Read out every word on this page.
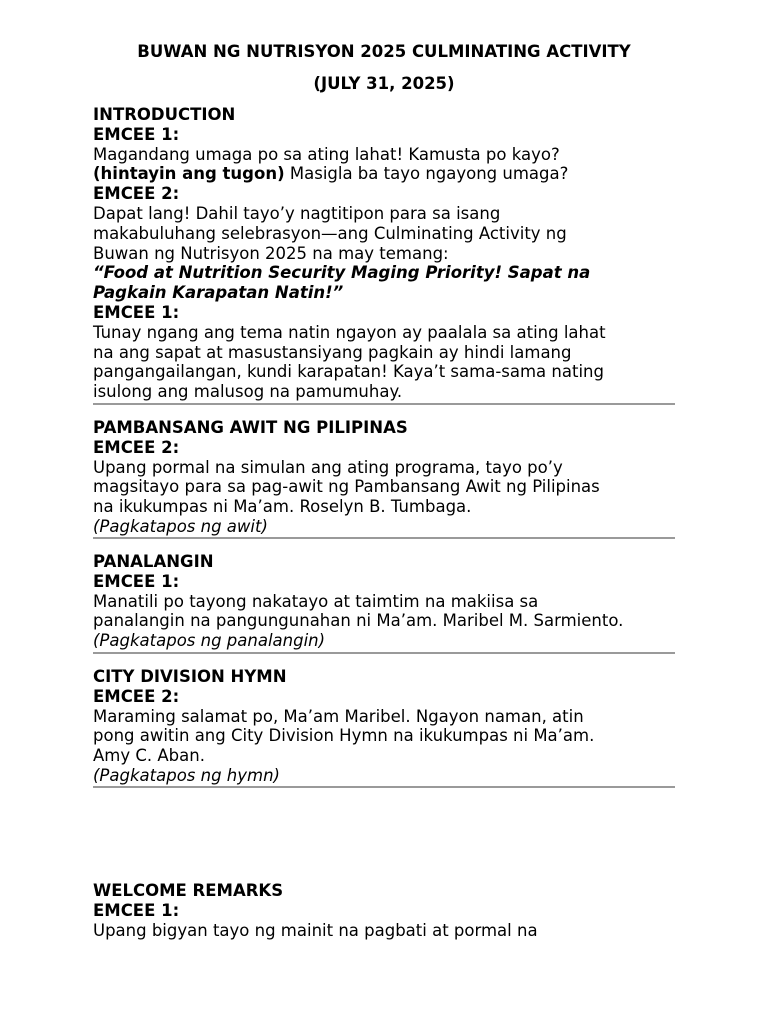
BUWAN NG NUTRISYON 2025 CULMINATING ACTIVITY

(JULY 31, 2025)

INTRODUCTION

EMCEE 1:

Magandang umaga po sa ating lahat! Kamusta po kayo?

(hintayin ang tugon) Masigla ba tayo ngayong umaga?

EMCEE 2:

Dapat lang! Dahil tayo’y nagtitipon para sa isang

makabuluhang selebrasyon—ang Culminating Activity ng

Buwan ng Nutrisyon 2025 na may temang:

“Food at Nutrition Security Maging Priority! Sapat na

Pagkain Karapatan Natin!”

EMCEE 1:

Tunay ngang ang tema natin ngayon ay paalala sa ating lahat

na ang sapat at masustansiyang pagkain ay hindi lamang

pangangailangan, kundi karapatan! Kaya’t sama-sama nating

isulong ang malusog na pamumuhay.

PAMBANSANG AWIT NG PILIPINAS

EMCEE 2:

Upang pormal na simulan ang ating programa, tayo po’y

magsitayo para sa pag-awit ng Pambansang Awit ng Pilipinas

na ikukumpas ni Ma’am. Roselyn B. Tumbaga.

(Pagkatapos ng awit)

PANALANGIN

EMCEE 1:

Manatili po tayong nakatayo at taimtim na makiisa sa

panalangin na pangungunahan ni Ma’am. Maribel M. Sarmiento.

(Pagkatapos ng panalangin)

CITY DIVISION HYMN

EMCEE 2:

Maraming salamat po, Ma’am Maribel. Ngayon naman, atin

pong awitin ang City Division Hymn na ikukumpas ni Ma’am.

Amy C. Aban.

(Pagkatapos ng hymn)

WELCOME REMARKS

EMCEE 1:

Upang bigyan tayo ng mainit na pagbati at pormal na
